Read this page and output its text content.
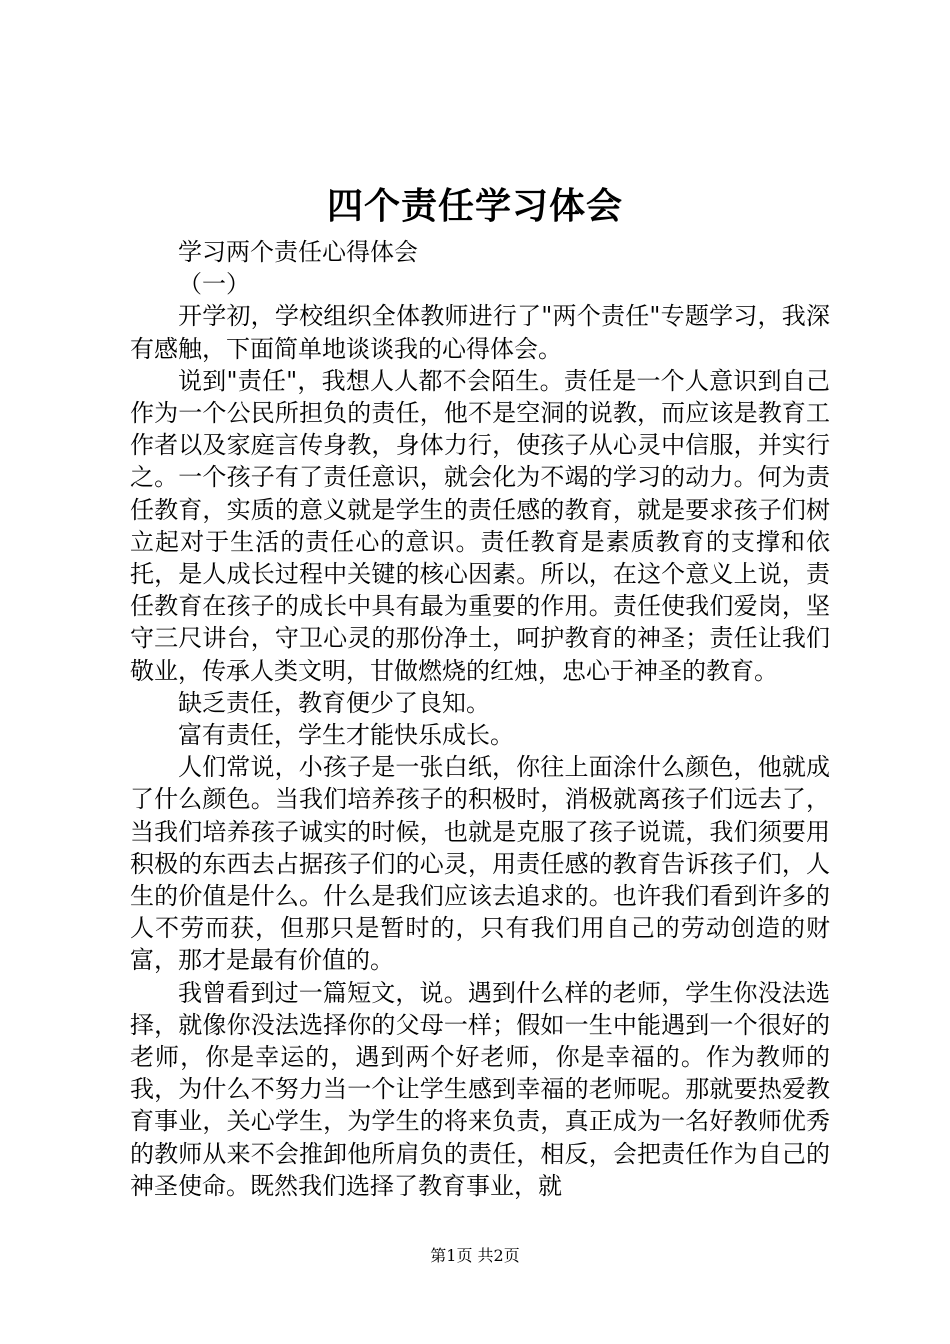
四个责任学习体会

学习两个责任心得体会

（一）

开学初，学校组织全体教师进行了"两个责任"专题学习，我深有感触，下面简单地谈谈我的心得体会。

说到"责任"，我想人人都不会陌生。责任是一个人意识到自己作为一个公民所担负的责任，他不是空洞的说教，而应该是教育工作者以及家庭言传身教，身体力行，使孩子从心灵中信服，并实行之。一个孩子有了责任意识，就会化为不竭的学习的动力。何为责任教育，实质的意义就是学生的责任感的教育，就是要求孩子们树立起对于生活的责任心的意识。责任教育是素质教育的支撑和依托，是人成长过程中关键的核心因素。所以，在这个意义上说，责任教育在孩子的成长中具有最为重要的作用。责任使我们爱岗，坚守三尺讲台，守卫心灵的那份净土，呵护教育的神圣；责任让我们敬业，传承人类文明，甘做燃烧的红烛，忠心于神圣的教育。

缺乏责任，教育便少了良知。

富有责任，学生才能快乐成长。

人们常说，小孩子是一张白纸，你往上面涂什么颜色，他就成了什么颜色。当我们培养孩子的积极时，消极就离孩子们远去了，当我们培养孩子诚实的时候，也就是克服了孩子说谎，我们须要用积极的东西去占据孩子们的心灵，用责任感的教育告诉孩子们，人生的价值是什么。什么是我们应该去追求的。也许我们看到许多的人不劳而获，但那只是暂时的，只有我们用自己的劳动创造的财富，那才是最有价值的。

我曾看到过一篇短文，说。遇到什么样的老师，学生你没法选择，就像你没法选择你的父母一样；假如一生中能遇到一个很好的老师，你是幸运的，遇到两个好老师，你是幸福的。作为教师的我，为什么不努力当一个让学生感到幸福的老师呢。那就要热爱教育事业，关心学生，为学生的将来负责，真正成为一名好教师优秀的教师从来不会推卸他所肩负的责任，相反，会把责任作为自己的神圣使命。既然我们选择了教育事业，就

第1页 共2页
